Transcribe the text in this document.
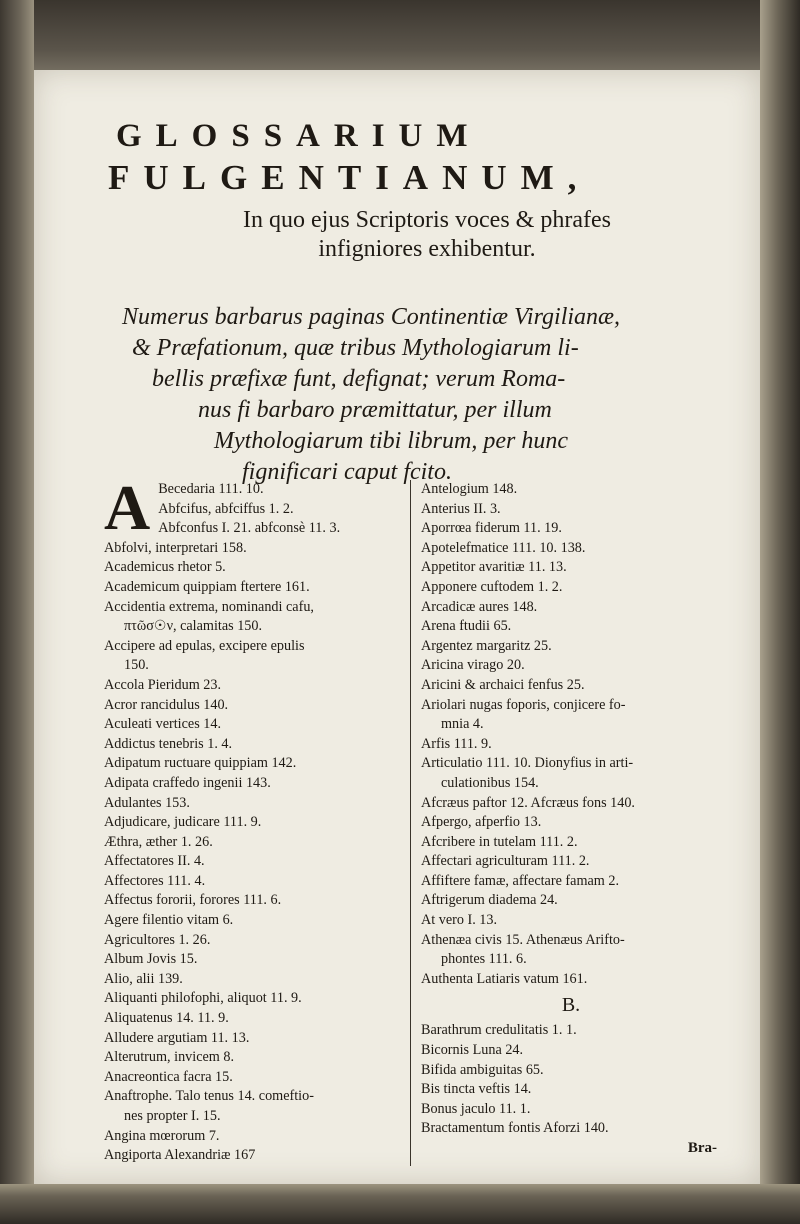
GLOSSARIUM
FULGENTIANUM,
In quo ejus Scriptoris voces & phrafes
infigniores exhibentur.
Numerus barbarus paginas Continentiæ Virgilianæ,
& Præfationum, quæ tribus Mythologiarum li-
bellis præfixæ funt, defignat; verum Roma-
nus fi barbaro præmittatur, per illum
Mythologiarum tibi librum, per hunc
fignificari caput fcito.
A Becedaria 111. 10.
Abfcifus, abfciffus 1. 2.
Abfconfus I. 21. abfconsè 11. 3.
Abfolvi, interpretari 158.
Academicus rhetor 5.
Academicum quippiam ftertere 161.
Accidentia extrema, nominandi cafu,
πτῶσ☉ν, calamitas 150.
Accipere ad epulas, excipere epulis
150.
Accola Pieridum 23.
Acror rancidulus 140.
Aculeati vertices 14.
Addictus tenebris 1. 4.
Adipatum ructuare quippiam 142.
Adipata craffedo ingenii 143.
Adulantes 153.
Adjudicare, judicare 111. 9.
Æthra, æther 1. 26.
Affectatores II. 4.
Affectores 111. 4.
Affectus fororii, forores 111. 6.
Agere filentio vitam 6.
Agricultores 1. 26.
Album Jovis 15.
Alio, alii 139.
Aliquanti philofophi, aliquot 11. 9.
Aliquatenus 14. 11. 9.
Alludere argutiam 11. 13.
Alterutrum, invicem 8.
Anacreontica facra 15.
Anaftrophe. Talo tenus 14. comeftio-
nes propter I. 15.
Angina mœrorum 7.
Angiporta Alexandriæ 167
Antelogium 148.
Anterius II. 3.
Aporrœa fiderum 11. 19.
Apotelefmatice 111. 10. 138.
Appetitor avaritiæ 11. 13.
Apponere cuftodem 1. 2.
Arcadicæ aures 148.
Arena ftudii 65.
Argentez margaritz 25.
Aricina virago 20.
Aricini & archaici fenfus 25.
Ariolari nugas foporis, conjicere fo-
mnia 4.
Arfis 111. 9.
Articulatio 111. 10. Dionyfius in arti-
culationibus 154.
Afcræus paftor 12. Afcræus fons 140.
Afpergo, afperfio 13.
Afcribere in tutelam 111. 2.
Affectari agriculturam 111. 2.
Affiftere famæ, affectare famam 2.
Aftrigerum diadema 24.
At vero I. 13.
Athenæa civis 15. Athenæus Arifto-
phontes 111. 6.
Authenta Latiaris vatum 161.
B.
Barathrum credulitatis 1. 1.
Bicornis Luna 24.
Bifida ambiguitas 65.
Bis tincta veftis 14.
Bonus jaculo 11. 1.
Bractamentum fontis Aforzi 140.
Bra-
